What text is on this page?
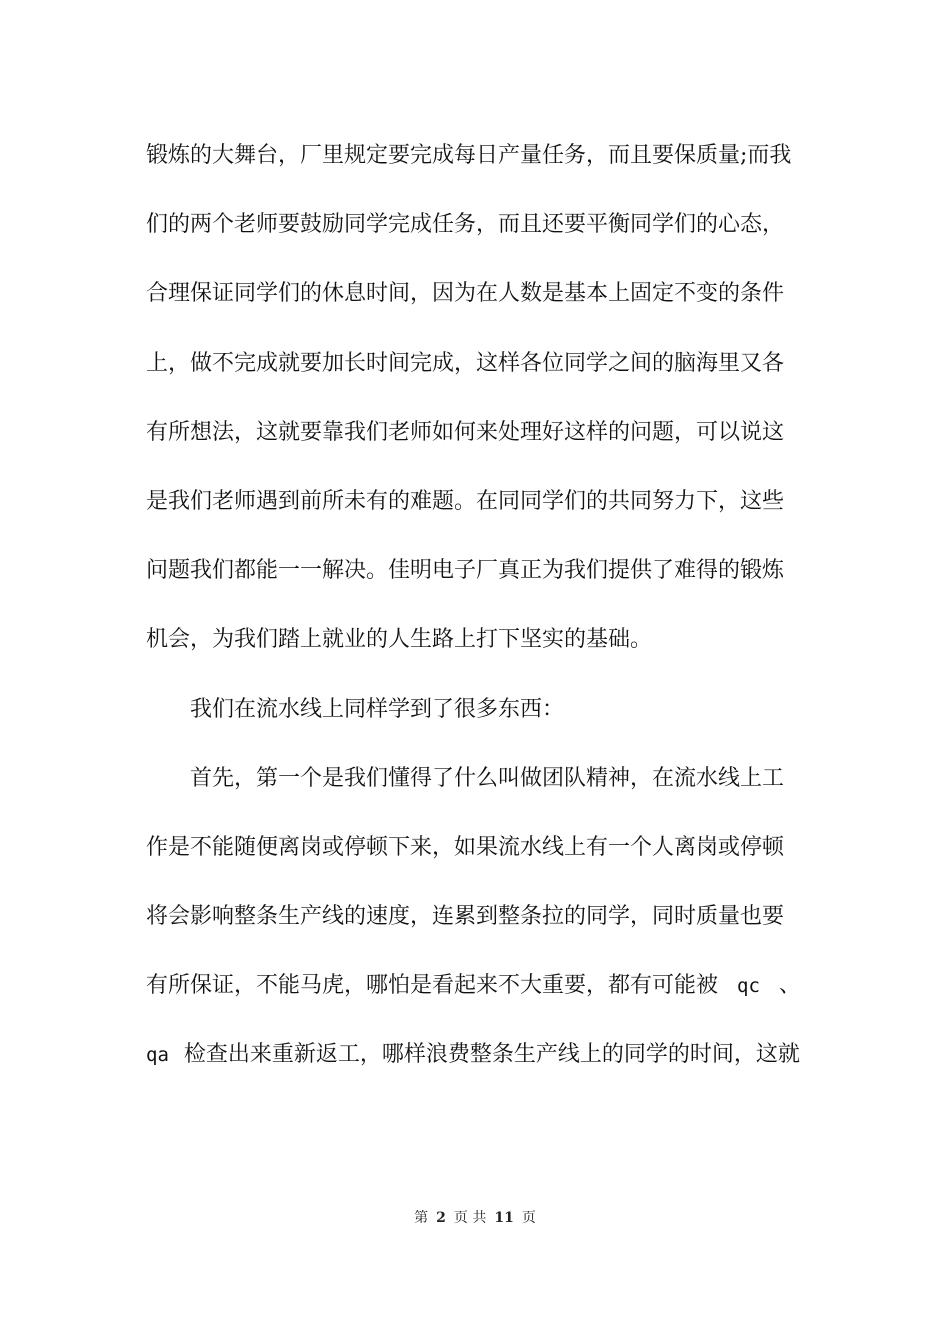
锻炼的大舞台，厂里规定要完成每日产量任务，而且要保质量;而我
们的两个老师要鼓励同学完成任务，而且还要平衡同学们的心态，
合理保证同学们的休息时间，因为在人数是基本上固定不变的条件
上，做不完成就要加长时间完成，这样各位同学之间的脑海里又各
有所想法，这就要靠我们老师如何来处理好这样的问题，可以说这
是我们老师遇到前所未有的难题。在同同学们的共同努力下，这些
问题我们都能一一解决。佳明电子厂真正为我们提供了难得的锻炼
机会，为我们踏上就业的人生路上打下坚实的基础。
我们在流水线上同样学到了很多东西：
首先，第一个是我们懂得了什么叫做团队精神，在流水线上工
作是不能随便离岗或停顿下来，如果流水线上有一个人离岗或停顿
将会影响整条生产线的速度，连累到整条拉的同学，同时质量也要
有所保证，不能马虎，哪怕是看起来不大重要，都有可能被 qc 、
qa 检查出来重新返工，哪样浪费整条生产线上的同学的时间，这就
第 2 页 共 11 页
